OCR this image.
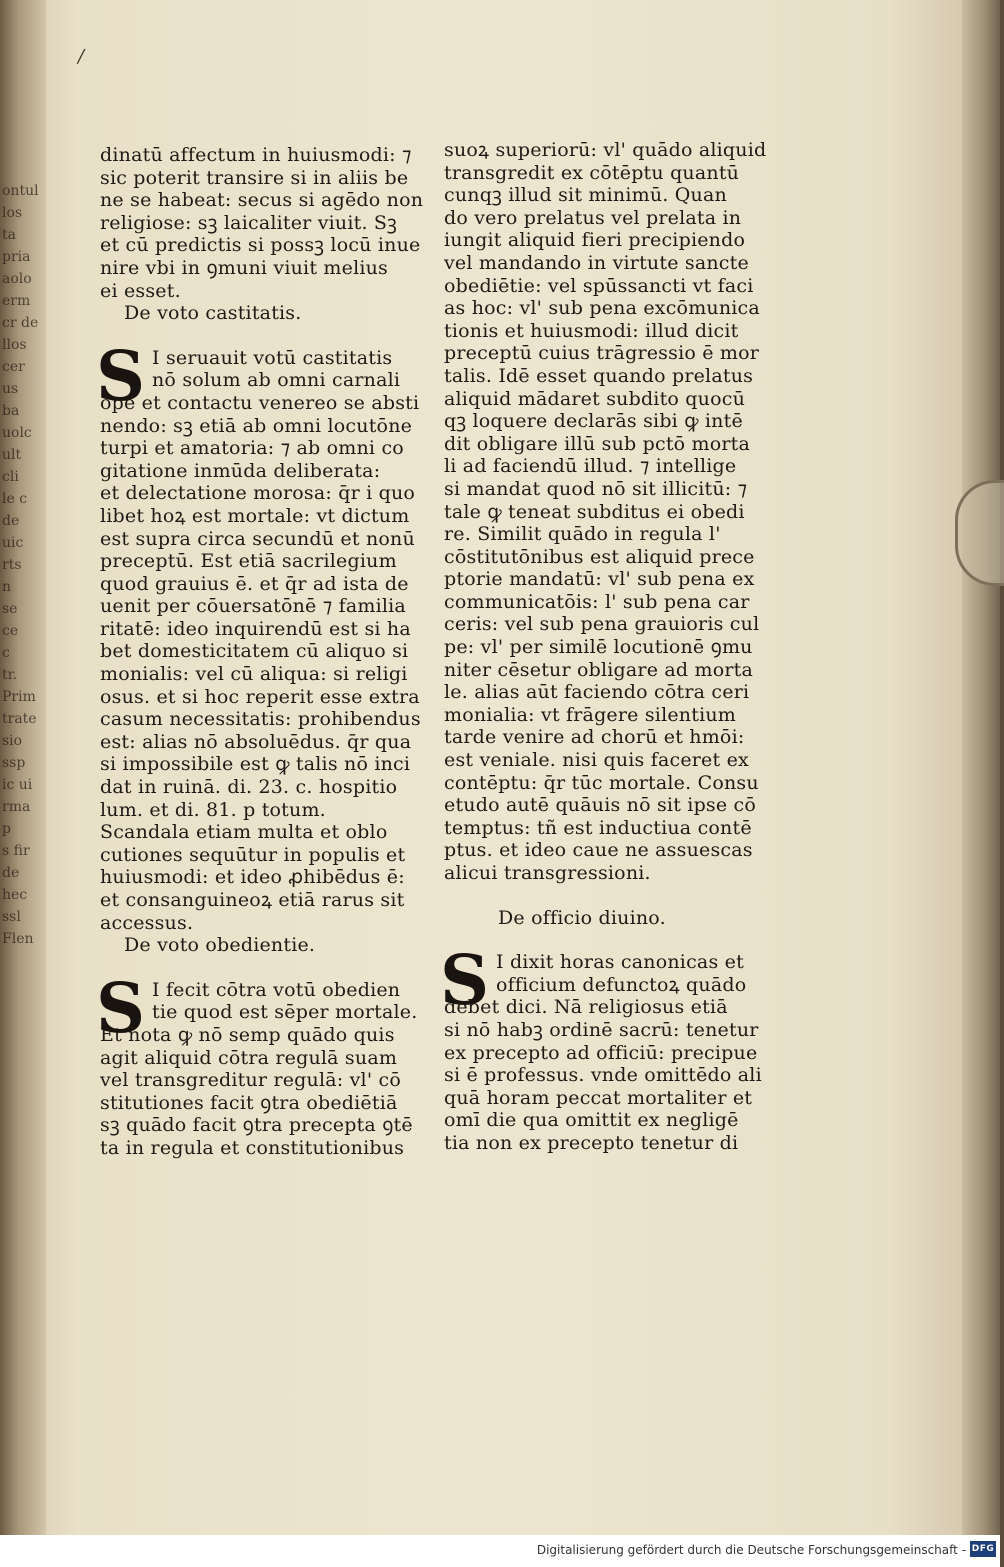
ontul
los
ta
pria
aolo
erm
cr de
llos
cer
us
ba
uolc
ult
cli
le c
de
uic
rts
n
se
ce
c
tr.
Prim
trate
sio
ssp
ic ui
rma
p
s fir
de
hec
ssl
Flen
/
dinatū affectum in huiusmodi: ⁊
sic poterit transire si in aliis be
ne se habeat: secus si agēdo non
religiose: sꝫ laicaliter viuit. Sꝫ
et cū predictis si possꝫ locū inue
nire vbi in ꝯmuni viuit melius
ei esset.
De voto castitatis.
S I seruauit votū castitatis
nō solum ab omni carnali
ope et contactu venereo se absti
nendo: sꝫ etiā ab omni locutōne
turpi et amatoria: ⁊ ab omni co
gitatione inmūda deliberata:
et delectatione morosa: q̄r i quo
libet hoꝝ est mortale: vt dictum
est supra circa secundū et nonū
preceptū. Est etiā sacrilegium
quod grauius ē. et q̄r ad ista de
uenit per cōuersatōnē ⁊ familia
ritatē: ideo inquirendū est si ha
bet domesticitatem cū aliquo si
monialis: vel cū aliqua: si religi
osus. et si hoc reperit esse extra
casum necessitatis: prohibendus
est: alias nō absoluēdus. q̄r qua
si impossibile est ꝙ talis nō inci
dat in ruinā. di. 23. c. hospitio
lum. et di. 81. p totum.
Scandala etiam multa et oblo
cutiones sequūtur in populis et
huiusmodi: et ideo ꝓhibēdus ē:
et consanguineoꝝ etiā rarus sit
accessus.
De voto obedientie.
S I fecit cōtra votū obedien
tie quod est sēper mortale.
Et nota ꝙ nō semp quādo quis
agit aliquid cōtra regulā suam
vel transgreditur regulā: vl' cō
stitutiones facit ꝯtra obediētiā
sꝫ quādo facit ꝯtra precepta ꝯtē
ta in regula et constitutionibus
suoꝝ superiorū: vl' quādo aliquid
transgredit ex cōtēptu quantū
cunqꝫ illud sit minimū. Quan
do vero prelatus vel prelata in
iungit aliquid fieri precipiendo
vel mandando in virtute sancte
obediētie: vel spūssancti vt faci
as hoc: vl' sub pena excōmunica
tionis et huiusmodi: illud dicit
preceptū cuius trāgressio ē mor
talis. Idē esset quando prelatus
aliquid mādaret subdito quocū
qꝫ loquere declarās sibi ꝙ intē
dit obligare illū sub pctō morta
li ad faciendū illud. ⁊ intellige
si mandat quod nō sit illicitū: ⁊
tale ꝙ teneat subditus ei obedi
re. Similit quādo in regula l'
cōstitutōnibus est aliquid prece
ptorie mandatū: vl' sub pena ex
communicatōis: l' sub pena car
ceris: vel sub pena grauioris cul
pe: vl' per similē locutionē ꝯmu
niter cēsetur obligare ad morta
le. alias aūt faciendo cōtra ceri
monialia: vt frāgere silentium
tarde venire ad chorū et hmōi:
est veniale. nisi quis faceret ex
contēptu: q̄r tūc mortale. Consu
etudo autē quāuis nō sit ipse cō
temptus: tñ est inductiua contē
ptus. et ideo caue ne assuescas
alicui transgressioni.
De officio diuino.
S I dixit horas canonicas et
officium defunctoꝝ quādo
debet dici. Nā religiosus etiā
si nō habꝫ ordinē sacrū: tenetur
ex precepto ad officiū: precipue
si ē professus. vnde omittēdo ali
quā horam peccat mortaliter et
omī die qua omittit ex negligē
tia non ex precepto tenetur di
Digitalisierung gefördert durch die Deutsche Forschungsgemeinschaft - DFG
